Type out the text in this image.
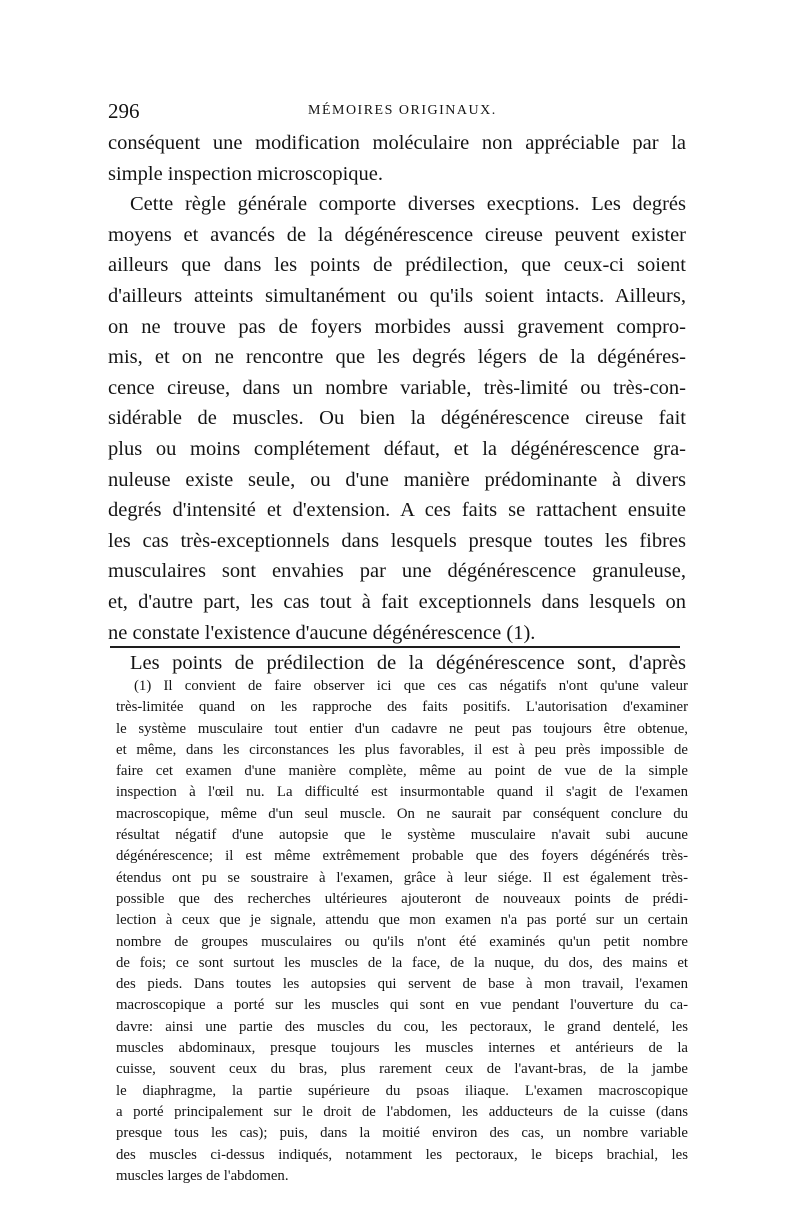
296	MÉMOIRES ORIGINAUX.
conséquent une modification moléculaire non appréciable par la
simple inspection microscopique.
Cette règle générale comporte diverses execptions. Les degrés
moyens et avancés de la dégénérescence cireuse peuvent exister
ailleurs que dans les points de prédilection, que ceux-ci soient
d'ailleurs atteints simultanément ou qu'ils soient intacts. Ailleurs,
on ne trouve pas de foyers morbides aussi gravement compro-
mis, et on ne rencontre que les degrés légers de la dégénéres-
cence cireuse, dans un nombre variable, très-limité ou très-con-
sidérable de muscles. Ou bien la dégénérescence cireuse fait
plus ou moins complétement défaut, et la dégénérescence gra-
nuleuse existe seule, ou d'une manière prédominante à divers
degrés d'intensité et d'extension. A ces faits se rattachent ensuite
les cas très-exceptionnels dans lesquels presque toutes les fibres
musculaires sont envahies par une dégénérescence granuleuse,
et, d'autre part, les cas tout à fait exceptionnels dans lesquels on
ne constate l'existence d'aucune dégénérescence (1).
Les points de prédilection de la dégénérescence sont, d'après
(1) Il convient de faire observer ici que ces cas négatifs n'ont qu'une valeur
très-limitée quand on les rapproche des faits positifs. L'autorisation d'examiner
le système musculaire tout entier d'un cadavre ne peut pas toujours être obtenue,
et même, dans les circonstances les plus favorables, il est à peu près impossible de
faire cet examen d'une manière complète, même au point de vue de la simple
inspection à l'œil nu. La difficulté est insurmontable quand il s'agit de l'examen
macroscopique, même d'un seul muscle. On ne saurait par conséquent conclure du
résultat négatif d'une autopsie que le système musculaire n'avait subi aucune
dégénérescence; il est même extrêmement probable que des foyers dégénérés très-
étendus ont pu se soustraire à l'examen, grâce à leur siége. Il est également très-
possible que des recherches ultérieures ajouteront de nouveaux points de prédi-
lection à ceux que je signale, attendu que mon examen n'a pas porté sur un certain
nombre de groupes musculaires ou qu'ils n'ont été examinés qu'un petit nombre
de fois; ce sont surtout les muscles de la face, de la nuque, du dos, des mains et
des pieds. Dans toutes les autopsies qui servent de base à mon travail, l'examen
macroscopique a porté sur les muscles qui sont en vue pendant l'ouverture du ca-
davre: ainsi une partie des muscles du cou, les pectoraux, le grand dentelé, les
muscles abdominaux, presque toujours les muscles internes et antérieurs de la
cuisse, souvent ceux du bras, plus rarement ceux de l'avant-bras, de la jambe
le diaphragme, la partie supérieure du psoas iliaque. L'examen macroscopique
a porté principalement sur le droit de l'abdomen, les adducteurs de la cuisse (dans
presque tous les cas); puis, dans la moitié environ des cas, un nombre variable
des muscles ci-dessus indiqués, notamment les pectoraux, le biceps brachial, les
muscles larges de l'abdomen.
